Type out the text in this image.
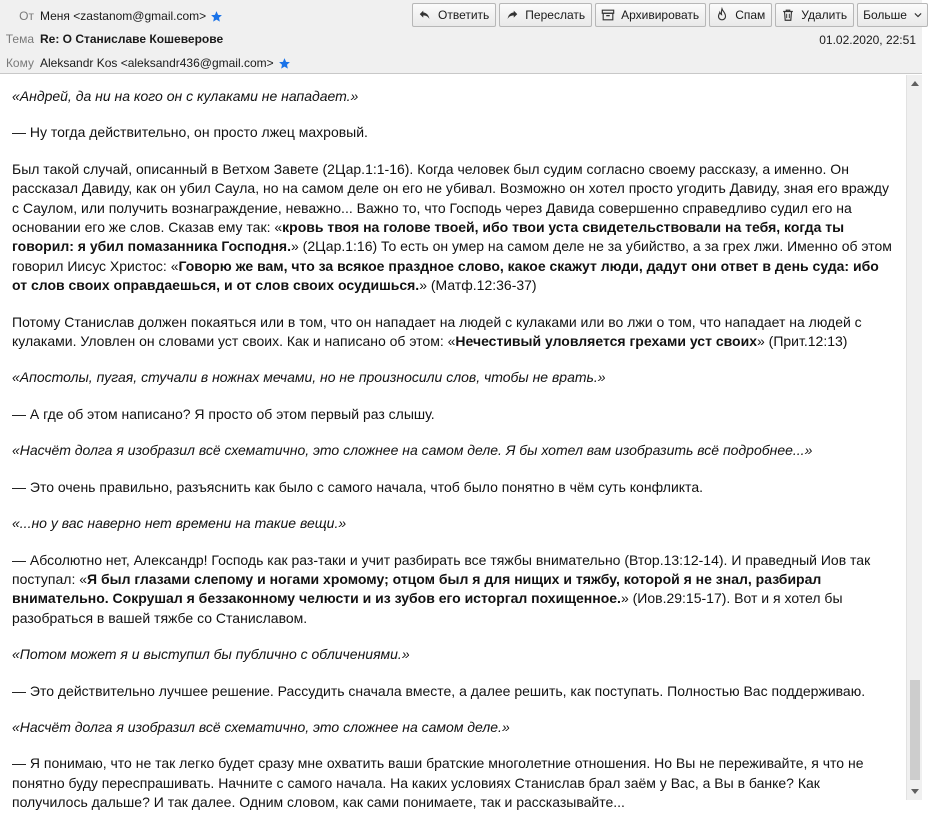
От Меня <zastanom@gmail.com>
Тема Re: О Станиславе Кошеверове	01.02.2020, 22:51
Кому Aleksandr Kos <aleksandr436@gmail.com>
Ответить	Переслать	Архивировать	Спам	Удалить Больше

«Андрей, да ни на кого он с кулаками не нападает.»

— Ну тогда действительно, он просто лжец махровый.

Был такой случай, описанный в Ветхом Завете (2Цар.1:1-16). Когда человек был судим согласно своему рассказу, а именно. Он рассказал Давиду, как он убил Саула, но на самом деле он его не убивал. Возможно он хотел просто угодить Давиду, зная его вражду с Саулом, или получить вознаграждение, неважно... Важно то, что Господь через Давида совершенно справедливо судил его на основании его же слов. Сказав ему так: «кровь твоя на голове твоей, ибо твои уста свидетельствовали на тебя, когда ты говорил: я убил помазанника Господня.» (2Цар.1:16) То есть он умер на самом деле не за убийство, а за грех лжи. Именно об этом говорил Иисус Христос: «Говорю же вам, что за всякое праздное слово, какое скажут люди, дадут они ответ в день суда: ибо от слов своих оправдаешься, и от слов своих осудишься.» (Матф.12:36-37)

Потому Станислав должен покаяться или в том, что он нападает на людей с кулаками или во лжи о том, что нападает на людей с кулаками. Уловлен он словами уст своих. Как и написано об этом: «Нечестивый уловляется грехами уст своих» (Прит.12:13)

«Апостолы, пугая, стучали в ножнах мечами, но не произносили слов, чтобы не врать.»

— А где об этом написано? Я просто об этом первый раз слышу.

«Насчёт долга я изобразил всё схематично, это сложнее на самом деле. Я бы хотел вам изобразить всё подробнее...»

— Это очень правильно, разъяснить как было с самого начала, чтоб было понятно в чём суть конфликта.

«...но у вас наверно нет времени на такие вещи.»

— Абсолютно нет, Александр! Господь как раз-таки и учит разбирать все тяжбы внимательно (Втор.13:12-14). И праведный Иов так поступал: «Я был глазами слепому и ногами хромому; отцом был я для нищих и тяжбу, которой я не знал, разбирал внимательно. Сокрушал я беззаконному челюсти и из зубов его исторгал похищенное.» (Иов.29:15-17). Вот и я хотел бы разобраться в вашей тяжбе со Станиславом.

«Потом может я и выступил бы публично с обличениями.»

— Это действительно лучшее решение. Рассудить сначала вместе, а далее решить, как поступать. Полностью Вас поддерживаю.

«Насчёт долга я изобразил всё схематично, это сложнее на самом деле.»

— Я понимаю, что не так легко будет сразу мне охватить ваши братские многолетние отношения. Но Вы не переживайте, я что не понятно буду переспрашивать. Начните с самого начала. На каких условиях Станислав брал заём у Вас, а Вы в банке? Как получилось дальше? И так далее. Одним словом, как сами понимаете, так и рассказывайте...
